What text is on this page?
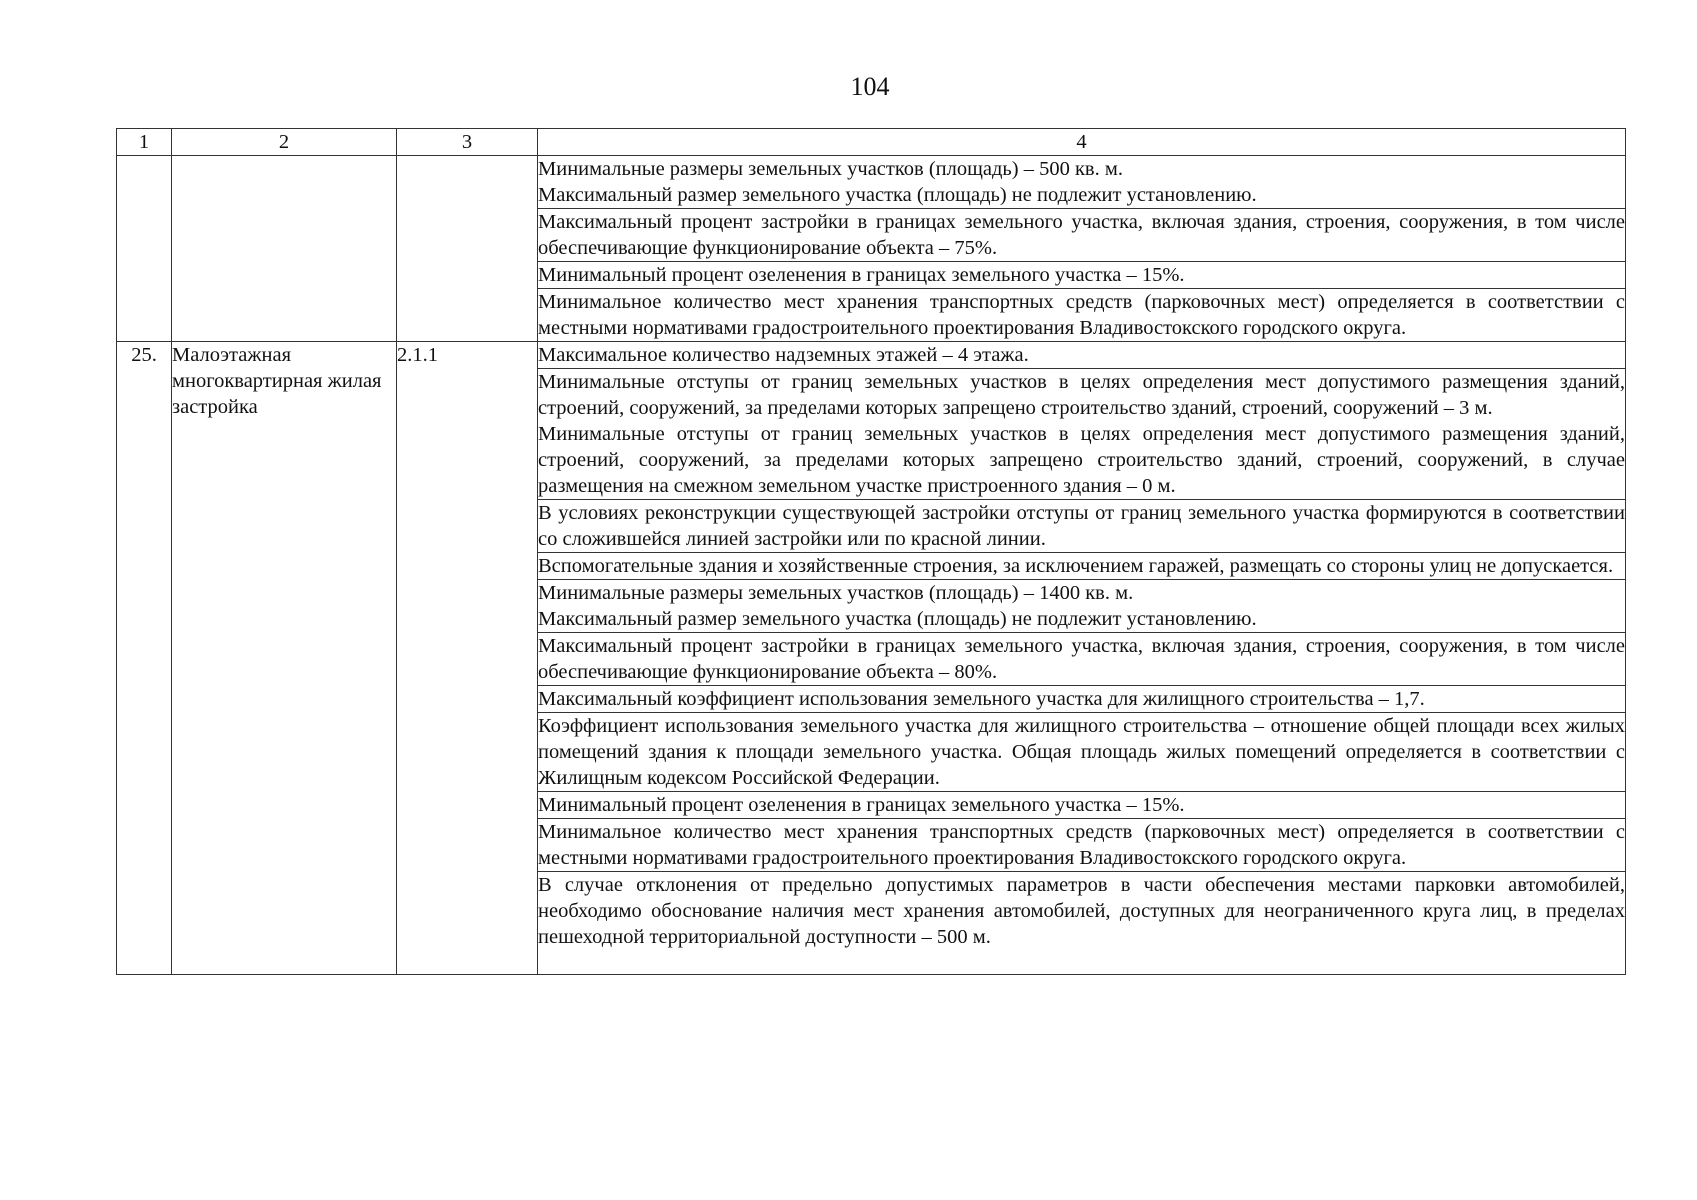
104
1	2	3	4

			Минимальные размеры земельных участков (площадь) – 500 кв. м.
Максимальный размер земельного участка (площадь) не подлежит установлению.

			Максимальный процент застройки в границах земельного участка, включая здания, строения, сооружения, в том числе обеспечивающие функционирование объекта – 75%.
			Минимальный процент озеленения в границах земельного участка – 15%.
			Минимальное количество мест хранения транспортных средств (парковочных мест) определяется в соответствии с местными нормативами градостроительного проектирования Владивостокского городского округа.
25.	Малоэтажная многоквартирная жилая застройка	2.1.1	Максимальное количество надземных этажей – 4 этажа.

			Минимальные отступы от границ земельных участков в целях определения мест допустимого размещения зданий, строений, сооружений, за пределами которых запрещено строительство зданий, строений, сооружений – 3 м.
Минимальные отступы от границ земельных участков в целях определения мест допустимого размещения зданий, строений, сооружений, за пределами которых запрещено строительство зданий, строений, сооружений, в случае размещения на смежном земельном участке пристроенного здания – 0 м.

			В условиях реконструкции существующей застройки отступы от границ земельного участка формируются в соответствии со сложившейся линией застройки или по красной линии.
			Вспомогательные здания и хозяйственные строения, за исключением гаражей, размещать со стороны улиц не допускается.

			Минимальные размеры земельных участков (площадь) – 1400 кв. м.
Максимальный размер земельного участка (площадь) не подлежит установлению.

			Максимальный процент застройки в границах земельного участка, включая здания, строения, сооружения, в том числе обеспечивающие функционирование объекта – 80%.
			Максимальный коэффициент использования земельного участка для жилищного строительства – 1,7.
			Коэффициент использования земельного участка для жилищного строительства – отношение общей площади всех жилых помещений здания к площади земельного участка. Общая площадь жилых помещений определяется в соответствии с Жилищным кодексом Российской Федерации.
			Минимальный процент озеленения в границах земельного участка – 15%.
			Минимальное количество мест хранения транспортных средств (парковочных мест) определяется в соответствии с местными нормативами градостроительного проектирования Владивостокского городского округа.
			В случае отклонения от предельно допустимых параметров в части обеспечения местами парковки автомобилей, необходимо обоснование наличия мест хранения автомобилей, доступных для неограниченного круга лиц, в пределах пешеходной территориальной доступности – 500 м.
